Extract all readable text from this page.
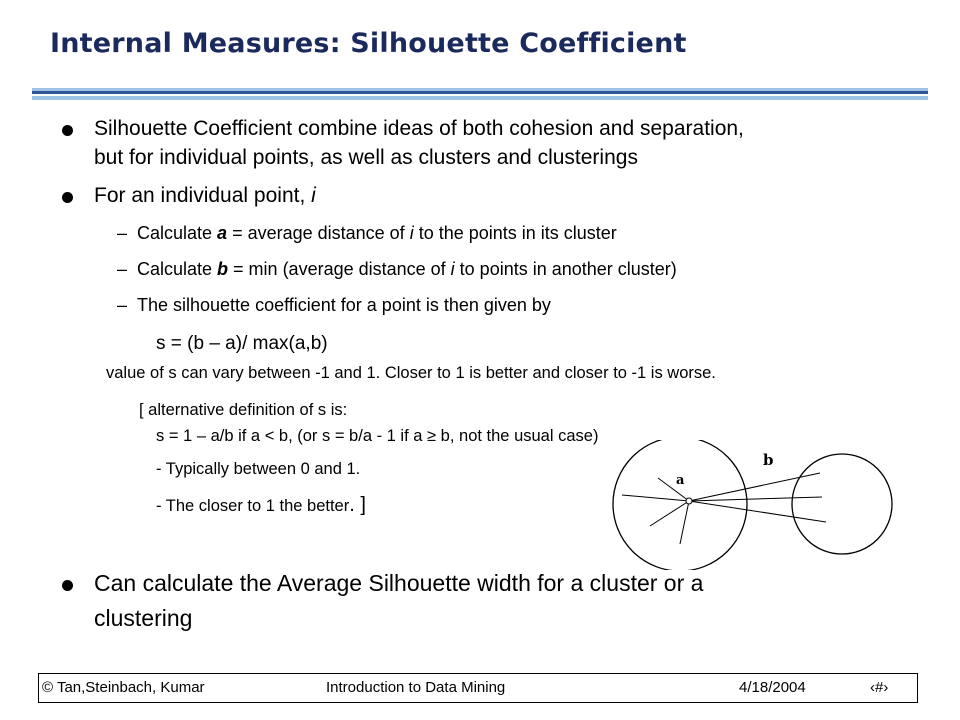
Internal Measures: Silhouette Coefficient
Silhouette Coefficient combine ideas of both cohesion and separation,
but for individual points, as well as clusters and clusterings
For an individual point, i
– Calculate a = average distance of i to the points in its cluster
– Calculate b = min (average distance of i to points in another cluster)
– The silhouette coefficient for a point is then given by
s = (b – a)/ max(a,b)
value of s can vary between -1 and 1. Closer to 1 is better and closer to -1 is worse.
[ alternative definition of s is:
s = 1 – a/b if a < b, (or s = b/a - 1 if a ≥ b, not the usual case)
- Typically between 0 and 1.
- The closer to 1 the better. ]
a
b
Can calculate the Average Silhouette width for a cluster or a
clustering
© Tan,Steinbach, Kumar	Introduction to Data Mining	4/18/2004	‹#›
